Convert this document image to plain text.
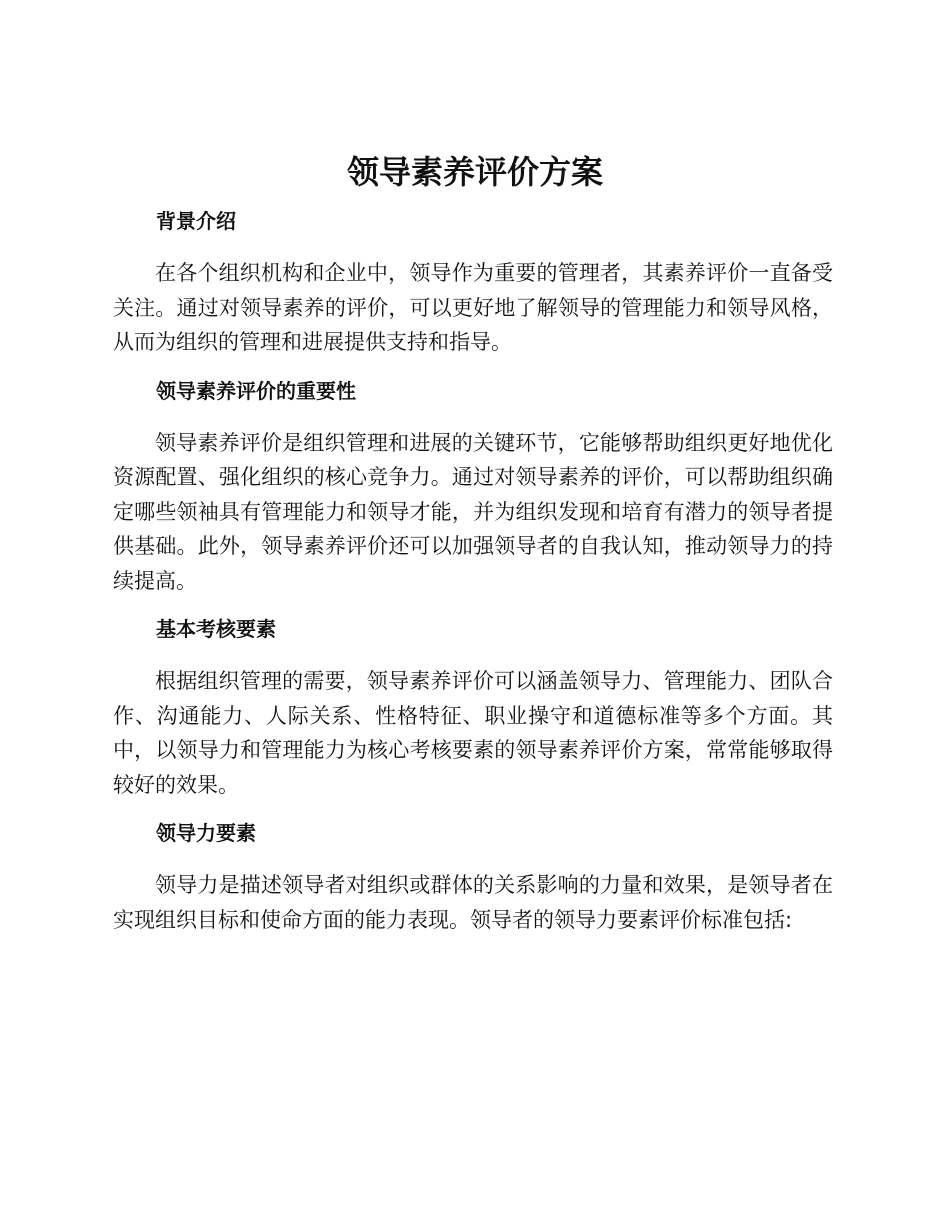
领导素养评价方案
背景介绍

在各个组织机构和企业中，领导作为重要的管理者，其素养评价一直备受关注。通过对领导素养的评价，可以更好地了解领导的管理能力和领导风格，从而为组织的管理和进展提供支持和指导。

领导素养评价的重要性

领导素养评价是组织管理和进展的关键环节，它能够帮助组织更好地优化资源配置、强化组织的核心竞争力。通过对领导素养的评价，可以帮助组织确定哪些领袖具有管理能力和领导才能，并为组织发现和培育有潜力的领导者提供基础。此外，领导素养评价还可以加强领导者的自我认知，推动领导力的持续提高。

基本考核要素

根据组织管理的需要，领导素养评价可以涵盖领导力、管理能力、团队合作、沟通能力、人际关系、性格特征、职业操守和道德标准等多个方面。其中，以领导力和管理能力为核心考核要素的领导素养评价方案，常常能够取得较好的效果。

领导力要素

领导力是描述领导者对组织或群体的关系影响的力量和效果，是领导者在实现组织目标和使命方面的能力表现。领导者的领导力要素评价标准包括:
